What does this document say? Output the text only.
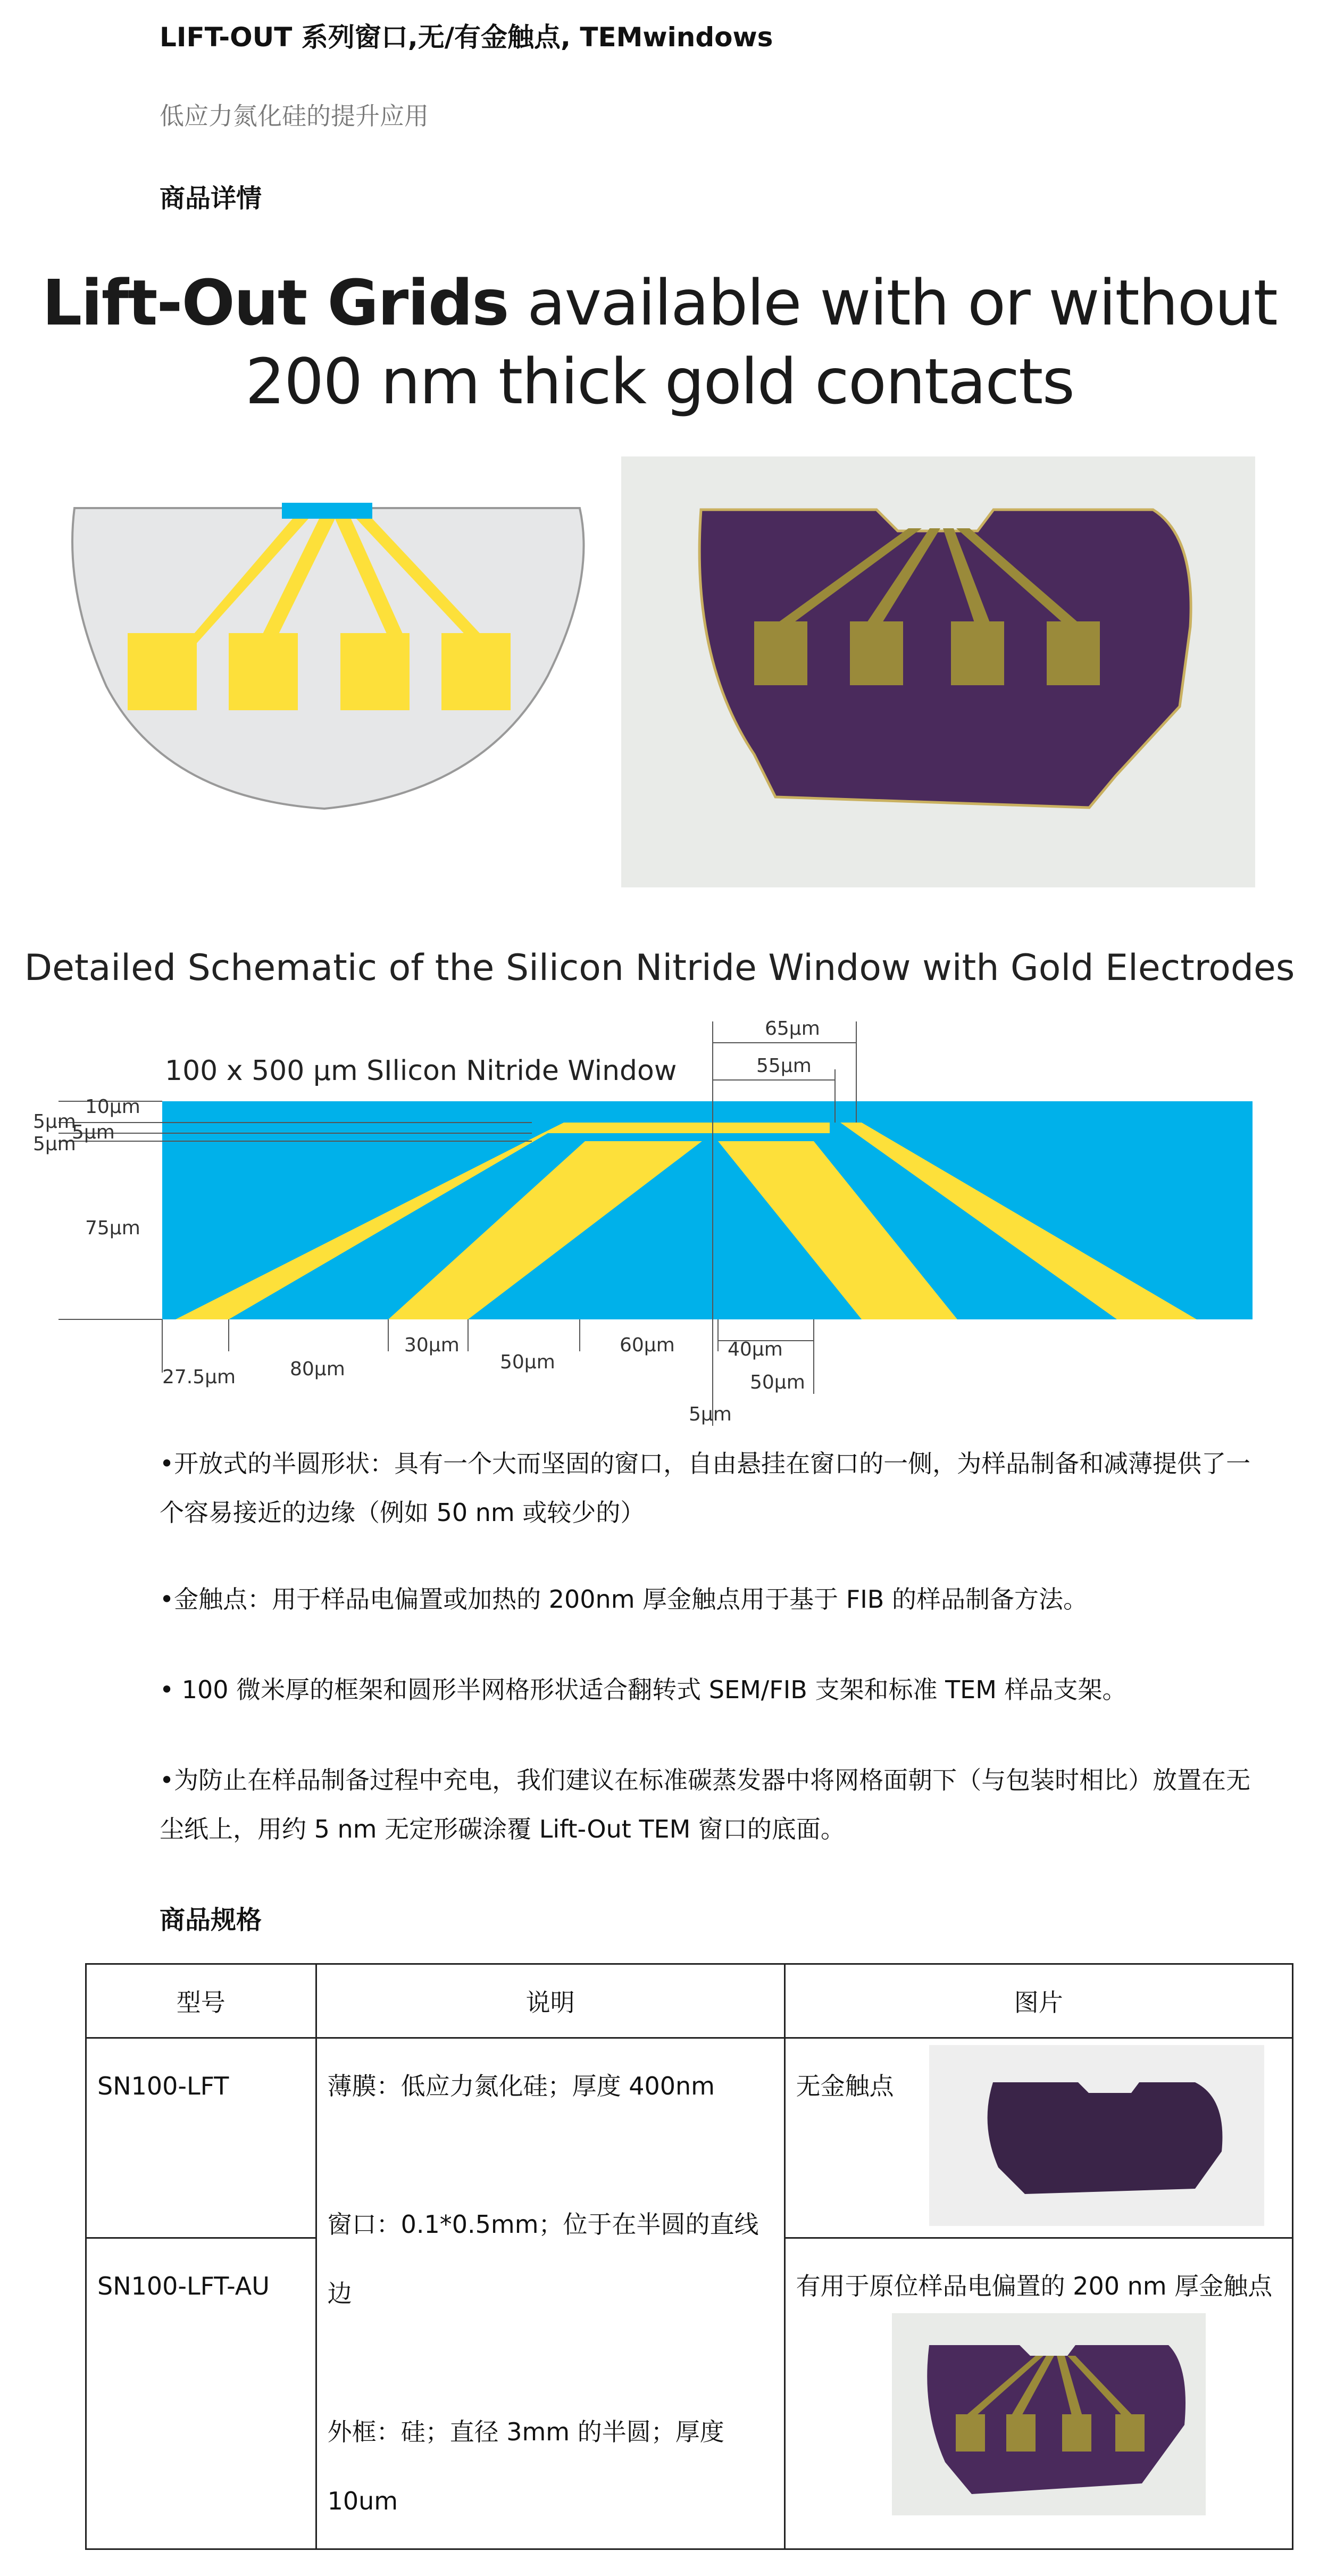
LIFT-OUT 系列窗口,无/有金触点, TEMwindows
低应力氮化硅的提升应用
商品详情
Lift-Out Grids available with or without
200 nm thick gold contacts
Detailed Schematic of the Silicon Nitride Window with Gold Electrodes
100 x 500 µm SIlicon Nitride Window
65µm
55µm
10µm
5µm
5µm
5µm
75µm
27.5µm	80µm
30µm
50µm
60µm	40µm
50µm
5µm
•开放式的半圆形状：具有一个大而坚固的窗口，自由悬挂在窗口的一侧，为样品制备和减薄提供了一个容易接近的边缘（例如 50 nm 或较少的）
•金触点：用于样品电偏置或加热的 200nm 厚金触点用于基于 FIB 的样品制备方法。
• 100 微米厚的框架和圆形半网格形状适合翻转式 SEM/FIB 支架和标准 TEM 样品支架。
•为防止在样品制备过程中充电，我们建议在标准碳蒸发器中将网格面朝下（与包装时相比）放置在无尘纸上，用约 5 nm 无定形碳涂覆 Lift-Out TEM 窗口的底面。
商品规格
型号	说明	图片
SN100-LFT	薄膜：低应力氮化硅；厚度 400nm
窗口：0.1*0.5mm；位于在半圆的直线边
外框：硅；直径 3mm 的半圆；厚度 10um	无金触点

SN100-LFT-AU		有用于原位样品电偏置的 200 nm 厚金触点
